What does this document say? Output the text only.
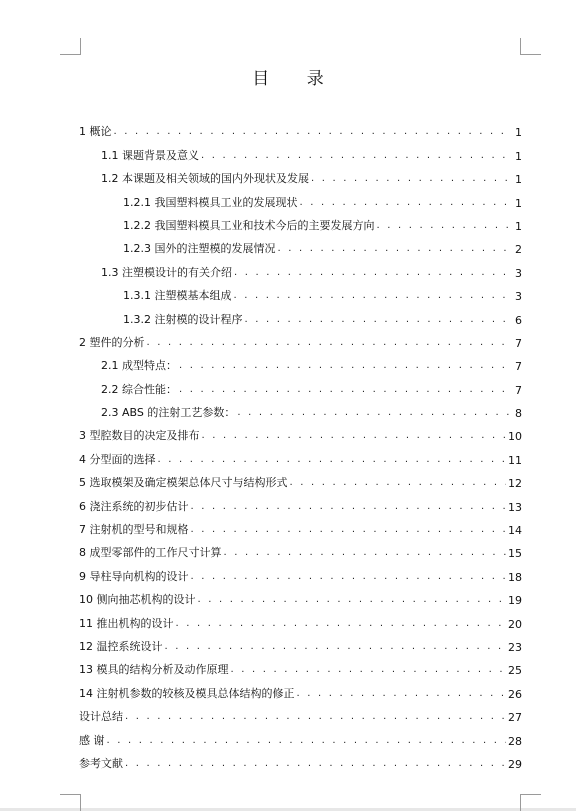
目 录
1 概论 . . .	1
1.1 课题背景及意义 . . .	1
1.2 本课题及相关领域的国内外现状及发展 . . .	1
1.2.1 我国塑料模具工业的发展现状 . . .	1
1.2.2 我国塑料模具工业和技术今后的主要发展方向 . . .	1
1.2.3 国外的注塑模的发展情况 . . .	2
1.3 注塑模设计的有关介绍 . . .	3
1.3.1 注塑模基本组成 . . .	3
1.3.2 注射模的设计程序 . . .	6
2 塑件的分析 . . .	7
2.1 成型特点： . . .	7
2.2 综合性能： . . .	7
2.3 ABS 的注射工艺参数： . . .	8
3 型腔数目的决定及排布 . . .	10
4 分型面的选择 . . .	11
5 选取模架及确定模架总体尺寸与结构形式 . . .	12
6 浇注系统的初步估计 . . .	13
7 注射机的型号和规格 . . .	14
8 成型零部件的工作尺寸计算 . . .	15
9 导柱导向机构的设计 . . .	18
10 侧向抽芯机构的设计 . . .	19
11 推出机构的设计 . . .	20
12 温控系统设计 . . .	23
13 模具的结构分析及动作原理 . . .	25
14 注射机参数的较核及模具总体结构的修正 . . .	26
设计总结 . . .	27
感 谢 . . .	28
参考文献 . . .	29
